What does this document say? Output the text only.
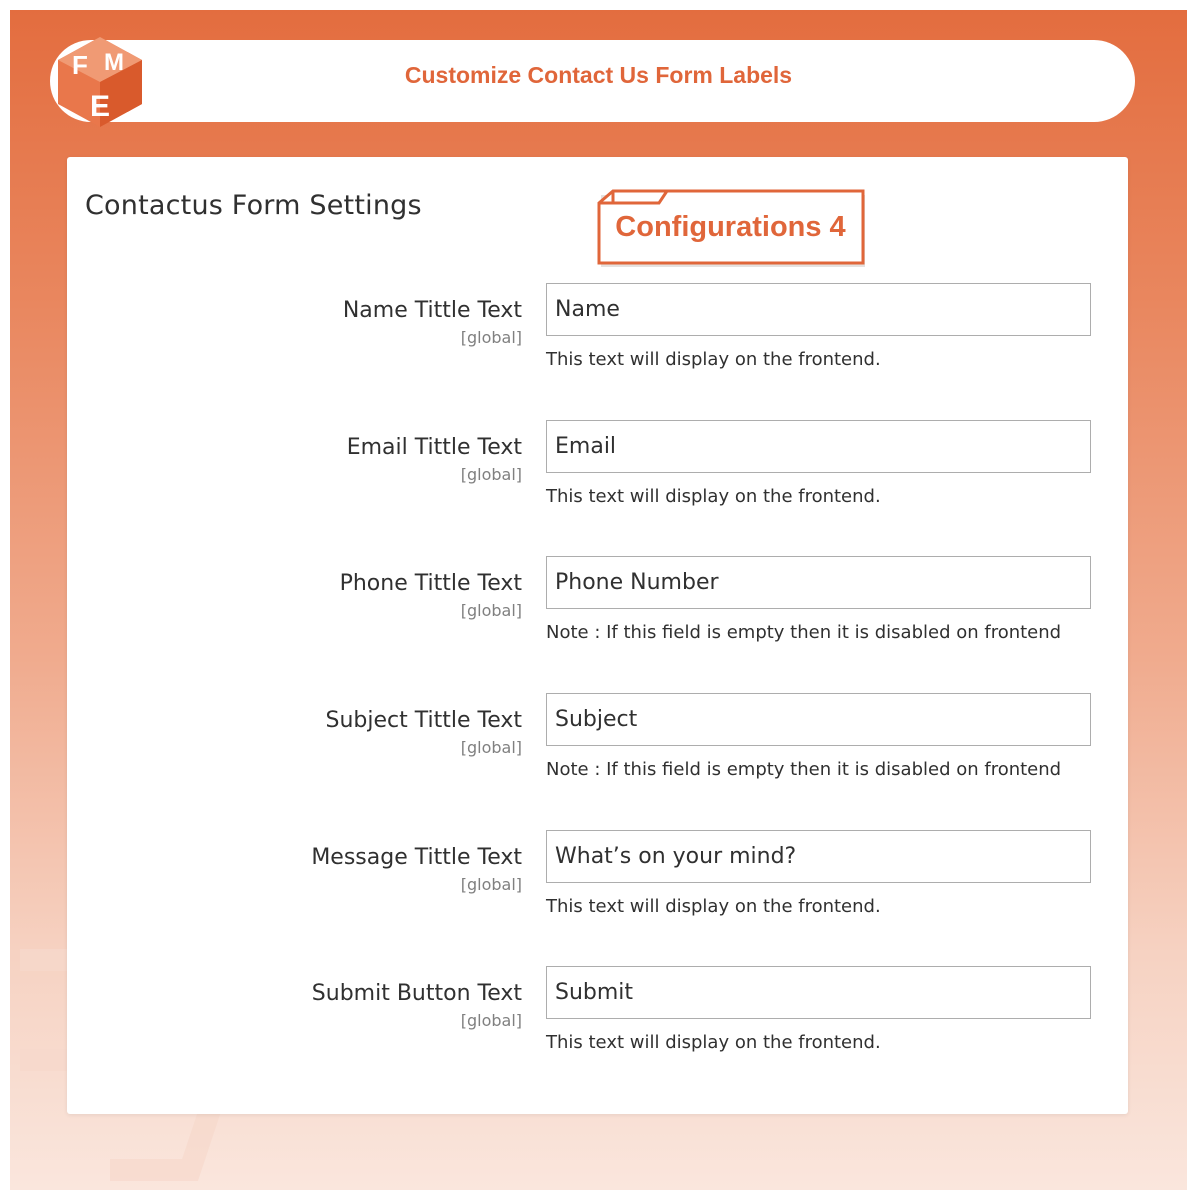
F M
E
Customize Contact Us Form Labels
Contactus Form Settings
Configurations 4
Name Tittle Text
[global]
Name
This text will display on the frontend.
Email Tittle Text
[global]
Email
This text will display on the frontend.
Phone Tittle Text
[global]
Phone Number
Note : If this field is empty then it is disabled on frontend
Subject Tittle Text
[global]
Subject
Note : If this field is empty then it is disabled on frontend
Message Tittle Text
[global]
What’s on your mind?
This text will display on the frontend.
Submit Button Text
[global]
Submit
This text will display on the frontend.
